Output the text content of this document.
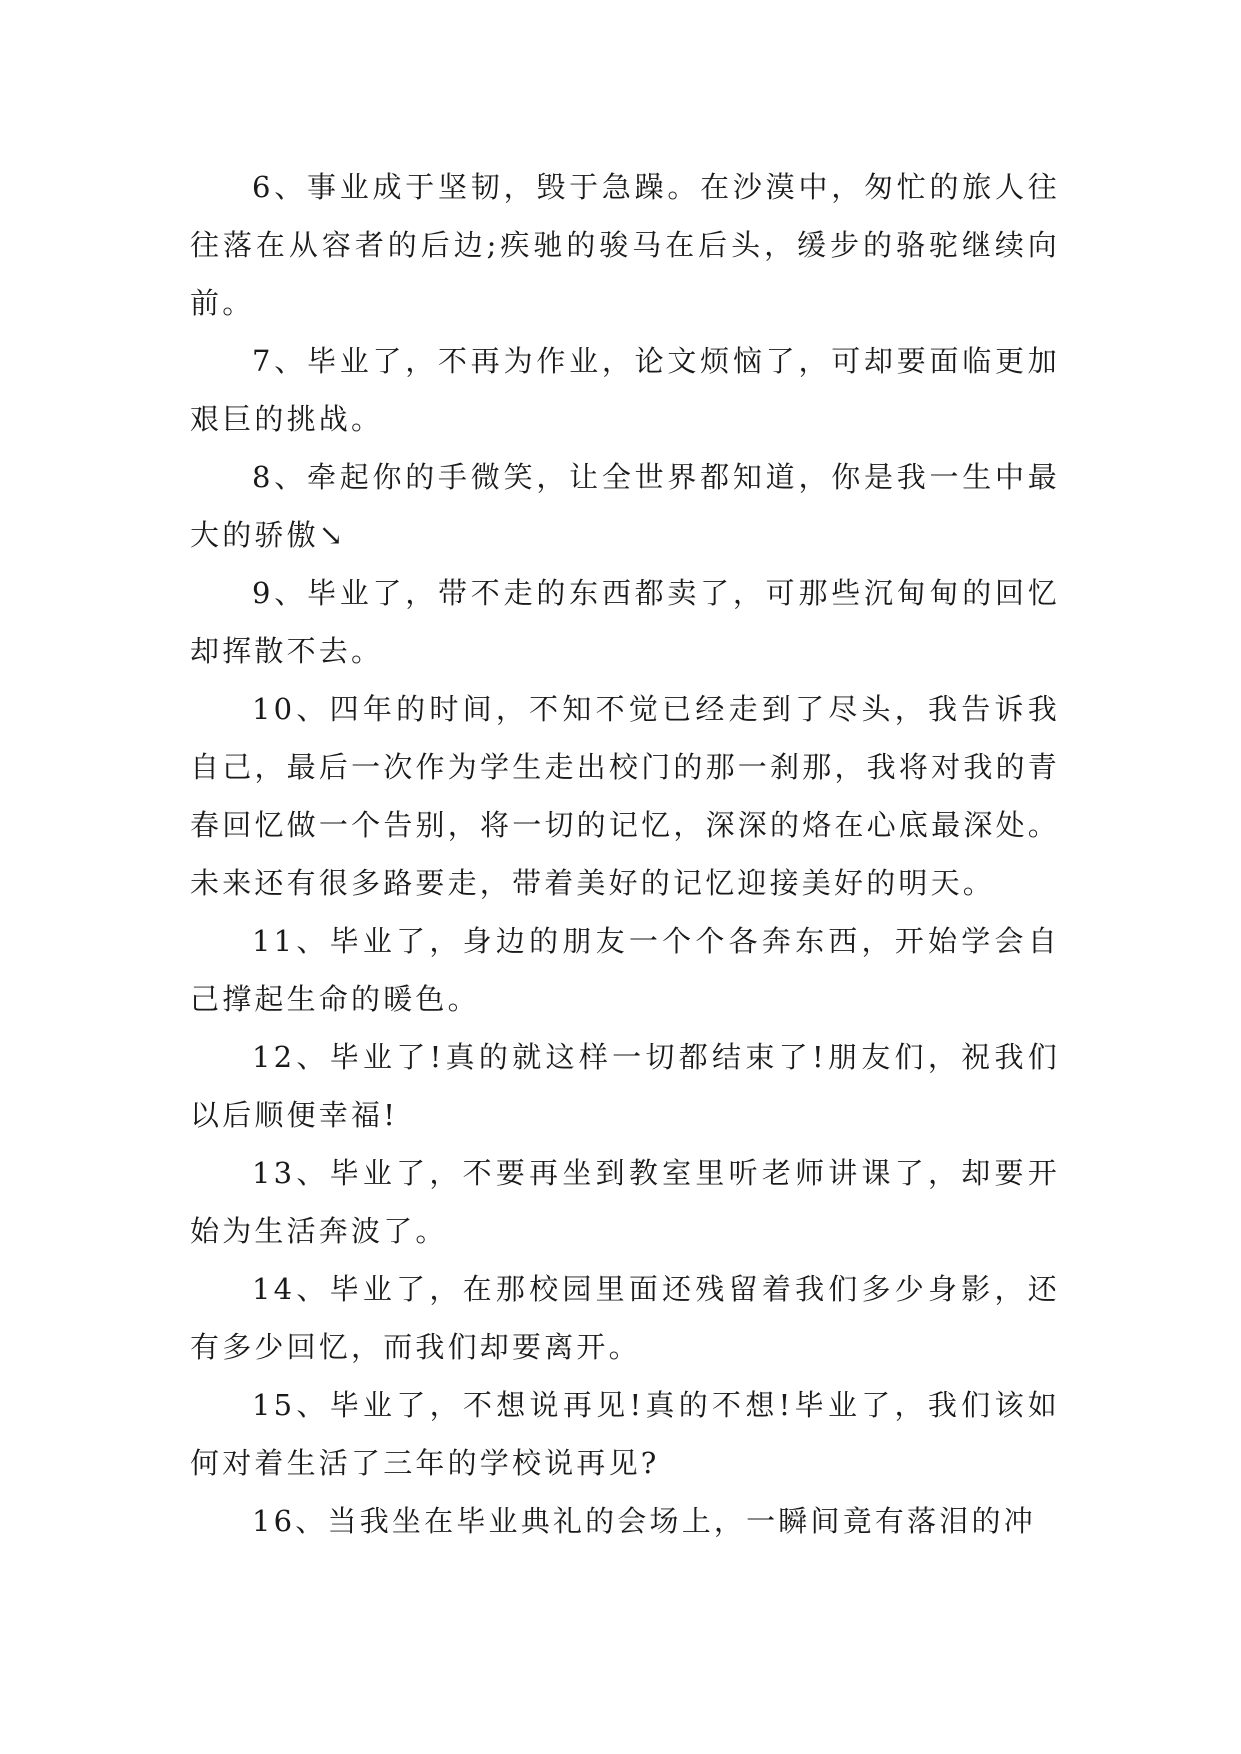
6、事业成于坚韧，毁于急躁。在沙漠中，匆忙的旅人往往落在从容者的后边;疾驰的骏马在后头，缓步的骆驼继续向前。

7、毕业了，不再为作业，论文烦恼了，可却要面临更加艰巨的挑战。

8、牵起你的手微笑，让全世界都知道，你是我一生中最大的骄傲↘

9、毕业了，带不走的东西都卖了，可那些沉甸甸的回忆却挥散不去。

10、四年的时间，不知不觉已经走到了尽头，我告诉我自己，最后一次作为学生走出校门的那一刹那，我将对我的青春回忆做一个告别，将一切的记忆，深深的烙在心底最深处。未来还有很多路要走，带着美好的记忆迎接美好的明天。

11、毕业了，身边的朋友一个个各奔东西，开始学会自己撑起生命的暖色。

12、毕业了!真的就这样一切都结束了!朋友们，祝我们以后顺便幸福!

13、毕业了，不要再坐到教室里听老师讲课了，却要开始为生活奔波了。

14、毕业了，在那校园里面还残留着我们多少身影，还有多少回忆，而我们却要离开。

15、毕业了，不想说再见!真的不想!毕业了，我们该如何对着生活了三年的学校说再见?

16、当我坐在毕业典礼的会场上，一瞬间竟有落泪的冲
